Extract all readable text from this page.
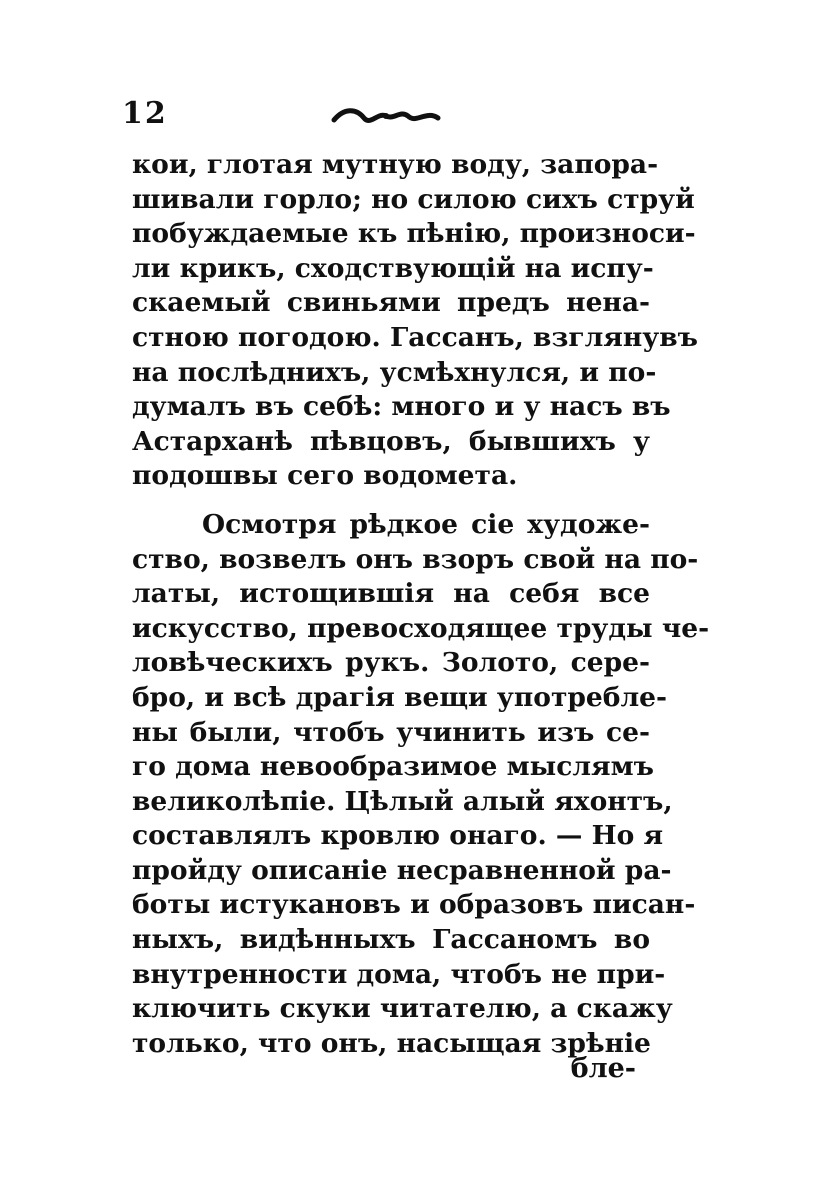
12
кои, глотая мутную воду, запора-
шивали горло; но силою сихъ струй
побуждаемые къ пѣнію, произноси-
ли крикъ, сходствующій на испу-
скаемый свиньями предъ нена-
стною погодою. Гассанъ, взглянувъ
на послѣднихъ, усмѣхнулся, и по-
думалъ въ себѣ: много и у насъ въ
Астарханѣ пѣвцовъ, бывшихъ у
подошвы сего водомета.
Осмотря рѣдкое сіе художе-
ство, возвелъ онъ взоръ свой на по-
латы, истощившія на себя все
искусство, превосходящее труды че-
ловѣческихъ рукъ. Золото, сере-
бро, и всѣ драгія вещи употребле-
ны были, чтобъ учинить изъ се-
го дома невообразимое мыслямъ
великолѣпіе. Цѣлый алый яхонтъ,
составлялъ кровлю онаго. — Но я
пройду описаніе несравненной ра-
боты истукановъ и образовъ писан-
ныхъ, видѣнныхъ Гассаномъ во
внутренности дома, чтобъ не при-
ключить скуки читателю, а скажу
только, что онъ, насыщая зрѣніе
бле-
